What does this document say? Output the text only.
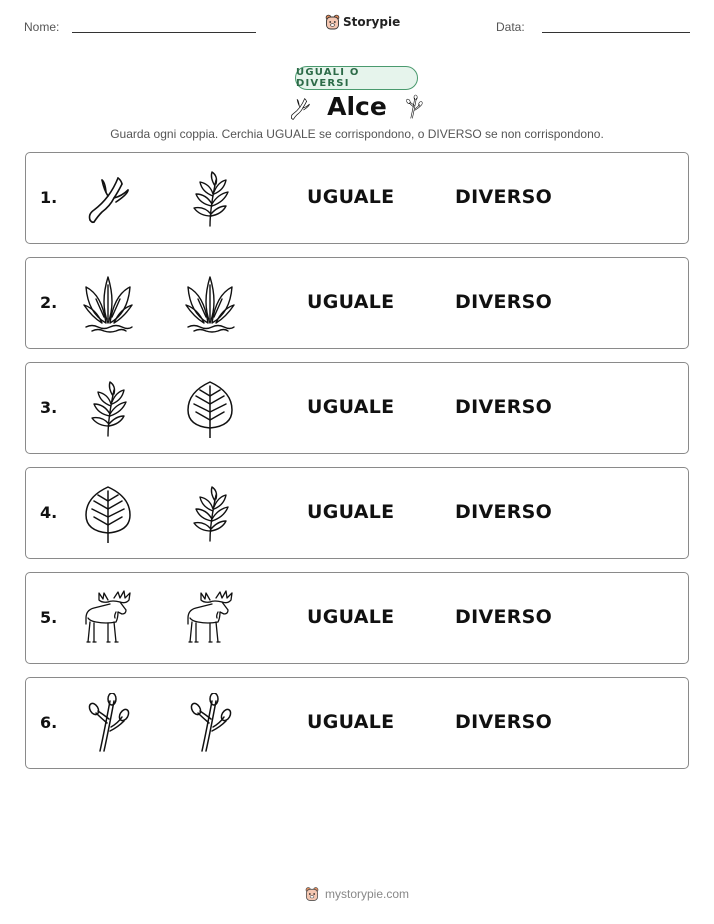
Nome:	Storypie	Data:
UGUALI O DIVERSI
Alce
Guarda ogni coppia. Cerchia UGUALE se corrispondono, o DIVERSO se non corrispondono.
1.	UGUALE	DIVERSO
2.	UGUALE	DIVERSO
3.	UGUALE	DIVERSO
4.	UGUALE	DIVERSO
5.	UGUALE	DIVERSO
6.	UGUALE	DIVERSO
mystorypie.com
